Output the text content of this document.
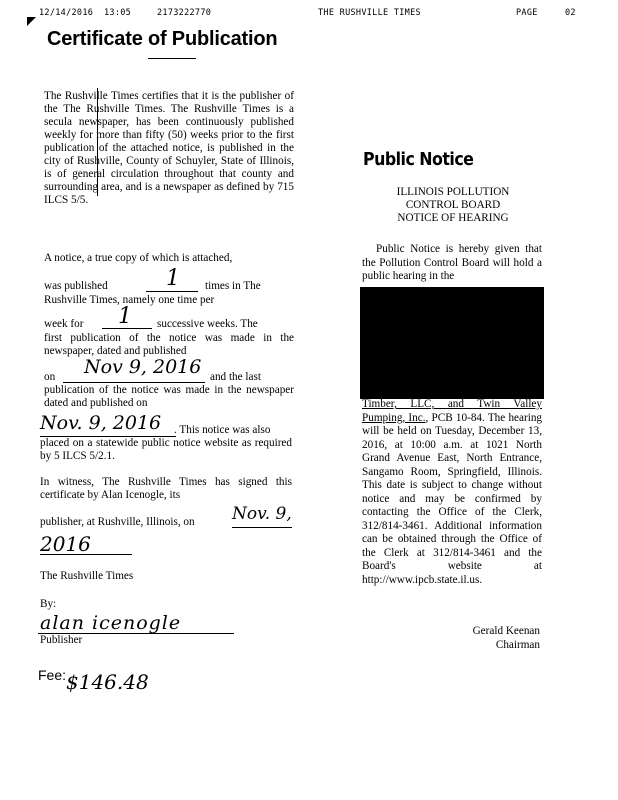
12/14/2016 13:05	2173222770	THE RUSHVILLE TIMES	PAGE	02
Certificate of Publication
The Rushville Times certifies that it is the publisher of the The Rushville Times. The Rushville Times is a secula newspaper, has been continuously published weekly for more than fifty (50) weeks prior to the first publication of the attached notice, is published in the city of Rushville, County of Schuyler, State of Illinois, is of general circulation throughout that county and surrounding area, and is a newspaper as defined by 715 ILCS 5/5.
A notice, a true copy of which is attached,
was published	1 times in The
Rushville Times, namely one time per
week for 1 successive weeks. The
first publication of the notice was made in the newspaper, dated and published
on Nov 9, 2016 and the last
publication of the notice was made in the newspaper dated and published on
Nov. 9, 2016 . This notice was also
placed on a statewide public notice website as required by 5 ILCS 5/2.1.
In witness, The Rushville Times has signed this certificate by Alan Icenogle, its
publisher, at Rushville, Illinois, on Nov. 9,
2016
The Rushville Times
By:
alan icenogle
Publisher
Fee: $146.48
Public Notice
ILLINOIS POLLUTION
CONTROL BOARD
NOTICE OF HEARING
Public Notice is hereby given that the Pollution Control Board will hold a public hearing in the
Timber, LLC, and Twin Valley Pumping, Inc., PCB 10-84. The hearing will be held on Tuesday, December 13, 2016, at 10:00 a.m. at 1021 North Grand Avenue East, North Entrance, Sangamo Room, Springfield, Illinois. This date is subject to change without notice and may be confirmed by contacting the Office of the Clerk, 312/814-3461. Additional information can be obtained through the Office of the Clerk at 312/814-3461 and the Board's website at http://www.ipcb.state.il.us.
Gerald Keenan
Chairman
